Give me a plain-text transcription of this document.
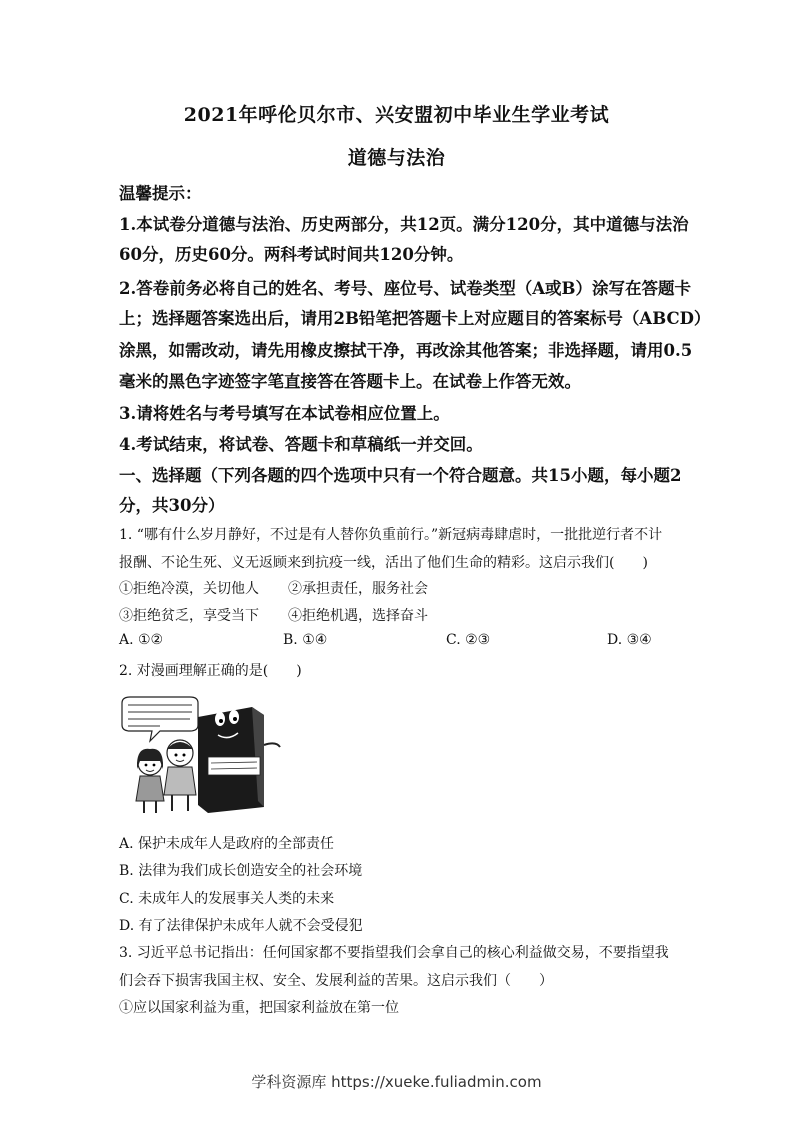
2021年呼伦贝尔市、兴安盟初中毕业生学业考试
道德与法治
温馨提示：
1.本试卷分道德与法治、历史两部分，共12页。满分120分，其中道德与法治
60分，历史60分。两科考试时间共120分钟。
2.答卷前务必将自己的姓名、考号、座位号、试卷类型（A或B）涂写在答题卡
上；选择题答案选出后，请用2B铅笔把答题卡上对应题目的答案标号（ABCD）
涂黑，如需改动，请先用橡皮擦拭干净，再改涂其他答案；非选择题，请用0.5
毫米的黑色字迹签字笔直接答在答题卡上。在试卷上作答无效。
3.请将姓名与考号填写在本试卷相应位置上。
4.考试结束，将试卷、答题卡和草稿纸一并交回。
一、选择题（下列各题的四个选项中只有一个符合题意。共15小题，每小题2
分，共30分）
1. “哪有什么岁月静好，不过是有人替你负重前行。”新冠病毒肆虐时，一批批逆行者不计
报酬、不论生死、义无返顾来到抗疫一线，活出了他们生命的精彩。这启示我们(　　)
①拒绝冷漠，关切他人 ②承担责任，服务社会
③拒绝贫乏，享受当下 ④拒绝机遇，选择奋斗
A. ①②	B. ①④	C. ②③	D. ③④
2. 对漫画理解正确的是(　　)
A. 保护未成年人是政府的全部责任
B. 法律为我们成长创造安全的社会环境
C. 未成年人的发展事关人类的未来
D. 有了法律保护未成年人就不会受侵犯
3. 习近平总书记指出：任何国家都不要指望我们会拿自己的核心利益做交易，不要指望我
们会吞下损害我国主权、安全、发展利益的苦果。这启示我们（　　）
①应以国家利益为重，把国家利益放在第一位
学科资源库 https://xueke.fuliadmin.com
